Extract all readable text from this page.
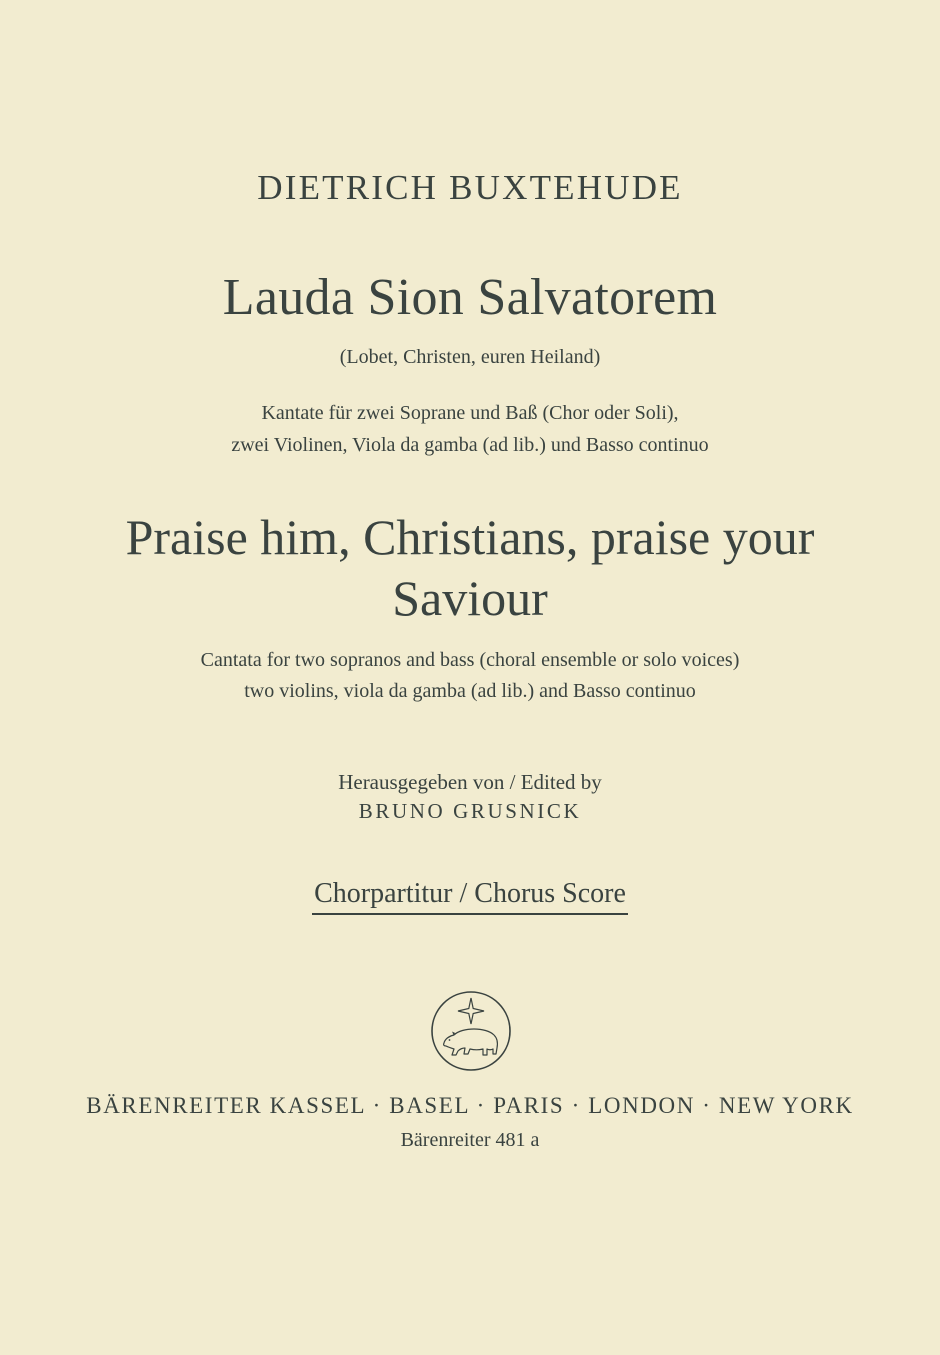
DIETRICH BUXTEHUDE
Lauda Sion Salvatorem
(Lobet, Christen, euren Heiland)
Kantate für zwei Soprane und Baß (Chor oder Soli),
zwei Violinen, Viola da gamba (ad lib.) und Basso continuo
Praise him, Christians, praise your
Saviour
Cantata for two sopranos and bass (choral ensemble or solo voices)
two violins, viola da gamba (ad lib.) and Basso continuo
Herausgegeben von / Edited by
BRUNO GRUSNICK
Chorpartitur / Chorus Score
BÄRENREITER KASSEL · BASEL · PARIS · LONDON · NEW YORK
Bärenreiter 481 a
